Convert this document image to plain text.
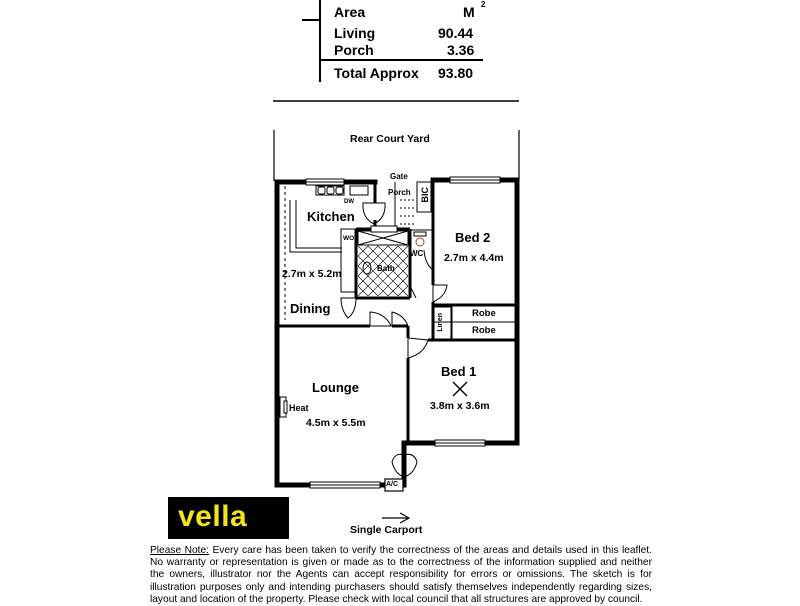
Area	M 2
Living	90.44
Porch	3.36
Total Approx 93.80
Rear Court Yard
Gate
Porch BIC
DW
Kitchen
2.7m x 5.2m
WO
Bath
WC
Bed 2
2.7m x 4.4m
Dining
Linen	Robe
Robe
Lounge
Heat
4.5m x 5.5m
Bed 1
3.8m x 3.6m
A/C
Single Carport
vella
Please Note: Every care has been taken to verify the correctness of the areas and details used in this leaflet. No warranty or representation is given or made as to the correctness of the information supplied and neither the owners, illustrator nor the Agents can accept responsibility for errors or omissions. The sketch is for illustration purposes only and intending purchasers should satisfy themselves independently regarding sizes, layout and location of the property. Please check with local council that all structures are approved by council.
